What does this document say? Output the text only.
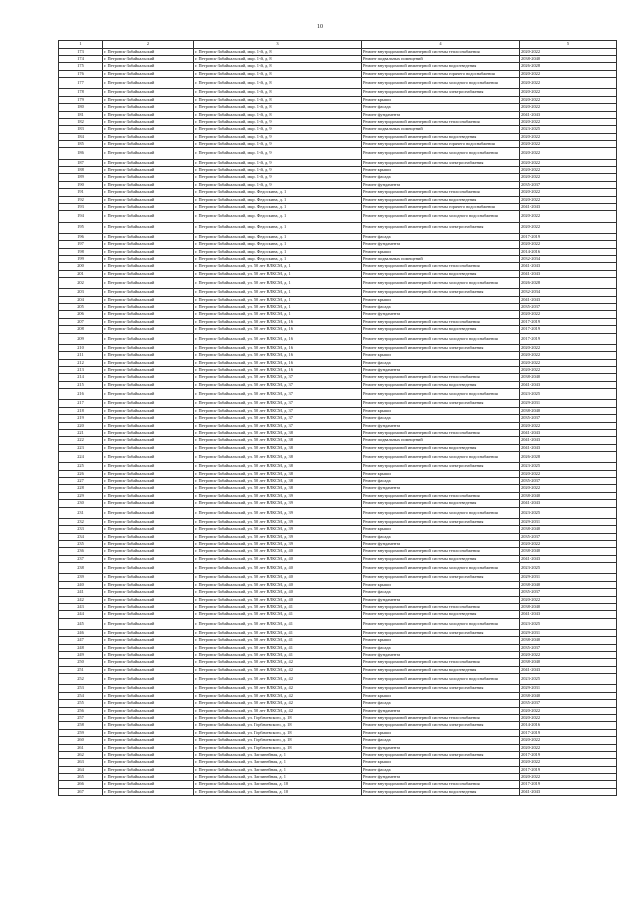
10
1	2	3	4	5
173	г. Петровск-Забайкальский	г. Петровск-Забайкальский, мкр. 1-й, д. 8	Ремонт внутридомовой инженерной системы теплоснабжения	2020-2022
174	г. Петровск-Забайкальский	г. Петровск-Забайкальский, мкр. 1-й, д. 8	Ремонт подвальных помещений	2038-2040
175	г. Петровск-Забайкальский	г. Петровск-Забайкальский, мкр. 1-й, д. 8	Ремонт внутридомовой инженерной системы водоотведения	2026-2028
176	г. Петровск-Забайкальский	г. Петровск-Забайкальский, мкр. 1-й, д. 8	Ремонт внутридомовой инженерной системы горячего водоснабжения	2020-2022
177	г. Петровск-Забайкальский	г. Петровск-Забайкальский, мкр. 1-й, д. 8	Ремонт внутридомовой инженерной системы холодного водоснабжения	2020-2022
178	г. Петровск-Забайкальский	г. Петровск-Забайкальский, мкр. 1-й, д. 8	Ремонт внутридомовой инженерной системы электроснабжения	2020-2022
179	г. Петровск-Забайкальский	г. Петровск-Забайкальский, мкр. 1-й, д. 8	Ремонт крыши	2020-2022
180	г. Петровск-Забайкальский	г. Петровск-Забайкальский, мкр. 1-й, д. 8	Ремонт фасада	2020-2022
181	г. Петровск-Забайкальский	г. Петровск-Забайкальский, мкр. 1-й, д. 8	Ремонт фундамента	2041-2043
182	г. Петровск-Забайкальский	г. Петровск-Забайкальский, мкр. 1-й, д. 9	Ремонт внутридомовой инженерной системы теплоснабжения	2020-2022
183	г. Петровск-Забайкальский	г. Петровск-Забайкальский, мкр. 1-й, д. 9	Ремонт подвальных помещений	2023-2025
184	г. Петровск-Забайкальский	г. Петровск-Забайкальский, мкр. 1-й, д. 9	Ремонт внутридомовой инженерной системы водоотведения	2020-2022
185	г. Петровск-Забайкальский	г. Петровск-Забайкальский, мкр. 1-й, д. 9	Ремонт внутридомовой инженерной системы горячего водоснабжения	2020-2022
186	г. Петровск-Забайкальский	г. Петровск-Забайкальский, мкр. 1-й, д. 9	Ремонт внутридомовой инженерной системы холодного водоснабжения	2020-2022
187	г. Петровск-Забайкальский	г. Петровск-Забайкальский, мкр. 1-й, д. 9	Ремонт внутридомовой инженерной системы электроснабжения	2020-2022
188	г. Петровск-Забайкальский	г. Петровск-Забайкальский, мкр. 1-й, д. 9	Ремонт крыши	2020-2022
189	г. Петровск-Забайкальский	г. Петровск-Забайкальский, мкр. 1-й, д. 9	Ремонт фасада	2020-2022
190	г. Петровск-Забайкальский	г. Петровск-Забайкальский, мкр. 1-й, д. 9	Ремонт фундамента	2035-2037
191	г. Петровск-Забайкальский	г. Петровск-Забайкальский, мкр. Федоскина, д. 1	Ремонт внутридомовой инженерной системы теплоснабжения	2020-2022
192	г. Петровск-Забайкальский	г. Петровск-Забайкальский, мкр. Федоскина, д. 1	Ремонт внутридомовой инженерной системы водоотведения	2020-2022
193	г. Петровск-Забайкальский	г. Петровск-Забайкальский, мкр. Федоскина, д. 1	Ремонт внутридомовой инженерной системы горячего водоснабжения	2041-2043
194	г. Петровск-Забайкальский	г. Петровск-Забайкальский, мкр. Федоскина, д. 1	Ремонт внутридомовой инженерной системы холодного водоснабжения	2020-2022
195	г. Петровск-Забайкальский	г. Петровск-Забайкальский, мкр. Федоскина, д. 1	Ремонт внутридомовой инженерной системы электроснабжения	2020-2022
196	г. Петровск-Забайкальский	г. Петровск-Забайкальский, мкр. Федоскина, д. 1	Ремонт фасада	2017-2019
197	г. Петровск-Забайкальский	г. Петровск-Забайкальский, мкр. Федоскина, д. 1	Ремонт фундамента	2020-2022
198	г. Петровск-Забайкальский	г. Петровск-Забайкальский, мкр. Федоскина, д. 1	Ремонт крыши	2014-2016
199	г. Петровск-Забайкальский	г. Петровск-Забайкальский, мкр. Федоскина, д. 1	Ремонт подвальных помещений	2032-2034
200	г. Петровск-Забайкальский	г. Петровск-Забайкальский, ул. 50 лет ВЛКСМ, д. 1	Ремонт внутридомовой инженерной системы теплоснабжения	2041-2043
201	г. Петровск-Забайкальский	г. Петровск-Забайкальский, ул. 50 лет ВЛКСМ, д. 1	Ремонт внутридомовой инженерной системы водоотведения	2041-2043
202	г. Петровск-Забайкальский	г. Петровск-Забайкальский, ул. 50 лет ВЛКСМ, д. 1	Ремонт внутридомовой инженерной системы холодного водоснабжения	2026-2028
203	г. Петровск-Забайкальский	г. Петровск-Забайкальский, ул. 50 лет ВЛКСМ, д. 1	Ремонт внутридомовой инженерной системы электроснабжения	2032-2034
204	г. Петровск-Забайкальский	г. Петровск-Забайкальский, ул. 50 лет ВЛКСМ, д. 1	Ремонт крыши	2041-2043
205	г. Петровск-Забайкальский	г. Петровск-Забайкальский, ул. 50 лет ВЛКСМ, д. 1	Ремонт фасада	2035-2037
206	г. Петровск-Забайкальский	г. Петровск-Забайкальский, ул. 50 лет ВЛКСМ, д. 1	Ремонт фундамента	2020-2022
207	г. Петровск-Забайкальский	г. Петровск-Забайкальский, ул. 50 лет ВЛКСМ, д. 16	Ремонт внутридомовой инженерной системы теплоснабжения	2017-2019
208	г. Петровск-Забайкальский	г. Петровск-Забайкальский, ул. 50 лет ВЛКСМ, д. 16	Ремонт внутридомовой инженерной системы водоотведения	2017-2019
209	г. Петровск-Забайкальский	г. Петровск-Забайкальский, ул. 50 лет ВЛКСМ, д. 16	Ремонт внутридомовой инженерной системы холодного водоснабжения	2017-2019
210	г. Петровск-Забайкальский	г. Петровск-Забайкальский, ул. 50 лет ВЛКСМ, д. 16	Ремонт внутридомовой инженерной системы электроснабжения	2020-2022
211	г. Петровск-Забайкальский	г. Петровск-Забайкальский, ул. 50 лет ВЛКСМ, д. 16	Ремонт крыши	2020-2022
212	г. Петровск-Забайкальский	г. Петровск-Забайкальский, ул. 50 лет ВЛКСМ, д. 16	Ремонт фасада	2020-2022
213	г. Петровск-Забайкальский	г. Петровск-Забайкальский, ул. 50 лет ВЛКСМ, д. 16	Ремонт фундамента	2020-2022
214	г. Петровск-Забайкальский	г. Петровск-Забайкальский, ул. 50 лет ВЛКСМ, д. 37	Ремонт внутридомовой инженерной системы теплоснабжения	2038-2040
215	г. Петровск-Забайкальский	г. Петровск-Забайкальский, ул. 50 лет ВЛКСМ, д. 37	Ремонт внутридомовой инженерной системы водоотведения	2041-2043
216	г. Петровск-Забайкальский	г. Петровск-Забайкальский, ул. 50 лет ВЛКСМ, д. 37	Ремонт внутридомовой инженерной системы холодного водоснабжения	2023-2025
217	г. Петровск-Забайкальский	г. Петровск-Забайкальский, ул. 50 лет ВЛКСМ, д. 37	Ремонт внутридомовой инженерной системы электроснабжения	2029-2031
218	г. Петровск-Забайкальский	г. Петровск-Забайкальский, ул. 50 лет ВЛКСМ, д. 37	Ремонт крыши	2038-2040
219	г. Петровск-Забайкальский	г. Петровск-Забайкальский, ул. 50 лет ВЛКСМ, д. 37	Ремонт фасада	2035-2037
220	г. Петровск-Забайкальский	г. Петровск-Забайкальский, ул. 50 лет ВЛКСМ, д. 37	Ремонт фундамента	2020-2022
221	г. Петровск-Забайкальский	г. Петровск-Забайкальский, ул. 50 лет ВЛКСМ, д. 38	Ремонт внутридомовой инженерной системы теплоснабжения	2041-2043
222	г. Петровск-Забайкальский	г. Петровск-Забайкальский, ул. 50 лет ВЛКСМ, д. 38	Ремонт подвальных помещений	2041-2043
223	г. Петровск-Забайкальский	г. Петровск-Забайкальский, ул. 50 лет ВЛКСМ, д. 38	Ремонт внутридомовой инженерной системы водоотведения	2041-2043
224	г. Петровск-Забайкальский	г. Петровск-Забайкальский, ул. 50 лет ВЛКСМ, д. 38	Ремонт внутридомовой инженерной системы холодного водоснабжения	2026-2028
225	г. Петровск-Забайкальский	г. Петровск-Забайкальский, ул. 50 лет ВЛКСМ, д. 38	Ремонт внутридомовой инженерной системы электроснабжения	2023-2025
226	г. Петровск-Забайкальский	г. Петровск-Забайкальский, ул. 50 лет ВЛКСМ, д. 38	Ремонт крыши	2020-2022
227	г. Петровск-Забайкальский	г. Петровск-Забайкальский, ул. 50 лет ВЛКСМ, д. 38	Ремонт фасада	2035-2037
228	г. Петровск-Забайкальский	г. Петровск-Забайкальский, ул. 50 лет ВЛКСМ, д. 38	Ремонт фундамента	2020-2022
229	г. Петровск-Забайкальский	г. Петровск-Забайкальский, ул. 50 лет ВЛКСМ, д. 39	Ремонт внутридомовой инженерной системы теплоснабжения	2038-2040
230	г. Петровск-Забайкальский	г. Петровск-Забайкальский, ул. 50 лет ВЛКСМ, д. 39	Ремонт внутридомовой инженерной системы водоотведения	2041-2043
231	г. Петровск-Забайкальский	г. Петровск-Забайкальский, ул. 50 лет ВЛКСМ, д. 39	Ремонт внутридомовой инженерной системы холодного водоснабжения	2023-2025
232	г. Петровск-Забайкальский	г. Петровск-Забайкальский, ул. 50 лет ВЛКСМ, д. 39	Ремонт внутридомовой инженерной системы электроснабжения	2029-2031
233	г. Петровск-Забайкальский	г. Петровск-Забайкальский, ул. 50 лет ВЛКСМ, д. 39	Ремонт крыши	2038-2040
234	г. Петровск-Забайкальский	г. Петровск-Забайкальский, ул. 50 лет ВЛКСМ, д. 39	Ремонт фасада	2035-2037
235	г. Петровск-Забайкальский	г. Петровск-Забайкальский, ул. 50 лет ВЛКСМ, д. 39	Ремонт фундамента	2020-2022
236	г. Петровск-Забайкальский	г. Петровск-Забайкальский, ул. 50 лет ВЛКСМ, д. 40	Ремонт внутридомовой инженерной системы теплоснабжения	2038-2040
237	г. Петровск-Забайкальский	г. Петровск-Забайкальский, ул. 50 лет ВЛКСМ, д. 40	Ремонт внутридомовой инженерной системы водоотведения	2041-2043
238	г. Петровск-Забайкальский	г. Петровск-Забайкальский, ул. 50 лет ВЛКСМ, д. 40	Ремонт внутридомовой инженерной системы холодного водоснабжения	2023-2025
239	г. Петровск-Забайкальский	г. Петровск-Забайкальский, ул. 50 лет ВЛКСМ, д. 40	Ремонт внутридомовой инженерной системы электроснабжения	2029-2031
240	г. Петровск-Забайкальский	г. Петровск-Забайкальский, ул. 50 лет ВЛКСМ, д. 40	Ремонт крыши	2038-2040
241	г. Петровск-Забайкальский	г. Петровск-Забайкальский, ул. 50 лет ВЛКСМ, д. 40	Ремонт фасада	2035-2037
242	г. Петровск-Забайкальский	г. Петровск-Забайкальский, ул. 50 лет ВЛКСМ, д. 40	Ремонт фундамента	2020-2022
243	г. Петровск-Забайкальский	г. Петровск-Забайкальский, ул. 50 лет ВЛКСМ, д. 41	Ремонт внутридомовой инженерной системы теплоснабжения	2038-2040
244	г. Петровск-Забайкальский	г. Петровск-Забайкальский, ул. 50 лет ВЛКСМ, д. 41	Ремонт внутридомовой инженерной системы водоотведения	2041-2043
245	г. Петровск-Забайкальский	г. Петровск-Забайкальский, ул. 50 лет ВЛКСМ, д. 41	Ремонт внутридомовой инженерной системы холодного водоснабжения	2023-2025
246	г. Петровск-Забайкальский	г. Петровск-Забайкальский, ул. 50 лет ВЛКСМ, д. 41	Ремонт внутридомовой инженерной системы электроснабжения	2029-2031
247	г. Петровск-Забайкальский	г. Петровск-Забайкальский, ул. 50 лет ВЛКСМ, д. 41	Ремонт крыши	2038-2040
248	г. Петровск-Забайкальский	г. Петровск-Забайкальский, ул. 50 лет ВЛКСМ, д. 41	Ремонт фасада	2035-2037
249	г. Петровск-Забайкальский	г. Петровск-Забайкальский, ул. 50 лет ВЛКСМ, д. 41	Ремонт фундамента	2020-2022
250	г. Петровск-Забайкальский	г. Петровск-Забайкальский, ул. 50 лет ВЛКСМ, д. 42	Ремонт внутридомовой инженерной системы теплоснабжения	2038-2040
251	г. Петровск-Забайкальский	г. Петровск-Забайкальский, ул. 50 лет ВЛКСМ, д. 42	Ремонт внутридомовой инженерной системы водоотведения	2041-2043
252	г. Петровск-Забайкальский	г. Петровск-Забайкальский, ул. 50 лет ВЛКСМ, д. 42	Ремонт внутридомовой инженерной системы холодного водоснабжения	2023-2025
253	г. Петровск-Забайкальский	г. Петровск-Забайкальский, ул. 50 лет ВЛКСМ, д. 42	Ремонт внутридомовой инженерной системы электроснабжения	2029-2031
254	г. Петровск-Забайкальский	г. Петровск-Забайкальский, ул. 50 лет ВЛКСМ, д. 42	Ремонт крыши	2038-2040
255	г. Петровск-Забайкальский	г. Петровск-Забайкальский, ул. 50 лет ВЛКСМ, д. 42	Ремонт фасада	2035-2037
256	г. Петровск-Забайкальский	г. Петровск-Забайкальский, ул. 50 лет ВЛКСМ, д. 42	Ремонт фундамента	2020-2022
257	г. Петровск-Забайкальский	г. Петровск-Забайкальский, ул. Горбачевского, д. 18	Ремонт внутридомовой инженерной системы теплоснабжения	2020-2022
258	г. Петровск-Забайкальский	г. Петровск-Забайкальский, ул. Горбачевского, д. 18	Ремонт внутридомовой инженерной системы электроснабжения	2014-2016
259	г. Петровск-Забайкальский	г. Петровск-Забайкальский, ул. Горбачевского, д. 18	Ремонт крыши	2017-2019
260	г. Петровск-Забайкальский	г. Петровск-Забайкальский, ул. Горбачевского, д. 18	Ремонт фасада	2020-2022
261	г. Петровск-Забайкальский	г. Петровск-Забайкальский, ул. Горбачевского, д. 18	Ремонт фундамента	2020-2022
262	г. Петровск-Забайкальский	г. Петровск-Забайкальский, ул. Заглинейная, д. 1	Ремонт внутридомовой инженерной системы электроснабжения	2017-2019
263	г. Петровск-Забайкальский	г. Петровск-Забайкальский, ул. Заглинейная, д. 1	Ремонт крыши	2020-2022
264	г. Петровск-Забайкальский	г. Петровск-Забайкальский, ул. Заглинейная, д. 1	Ремонт фасада	2017-2019
265	г. Петровск-Забайкальский	г. Петровск-Забайкальский, ул. Заглинейная, д. 1	Ремонт фундамента	2020-2022
266	г. Петровск-Забайкальский	г. Петровск-Забайкальский, ул. Заглинейная, д. 10	Ремонт внутридомовой инженерной системы теплоснабжения	2017-2019
267	г. Петровск-Забайкальский	г. Петровск-Забайкальский, ул. Заглинейная, д. 10	Ремонт внутридомовой инженерной системы водоотведения	2041-2043
